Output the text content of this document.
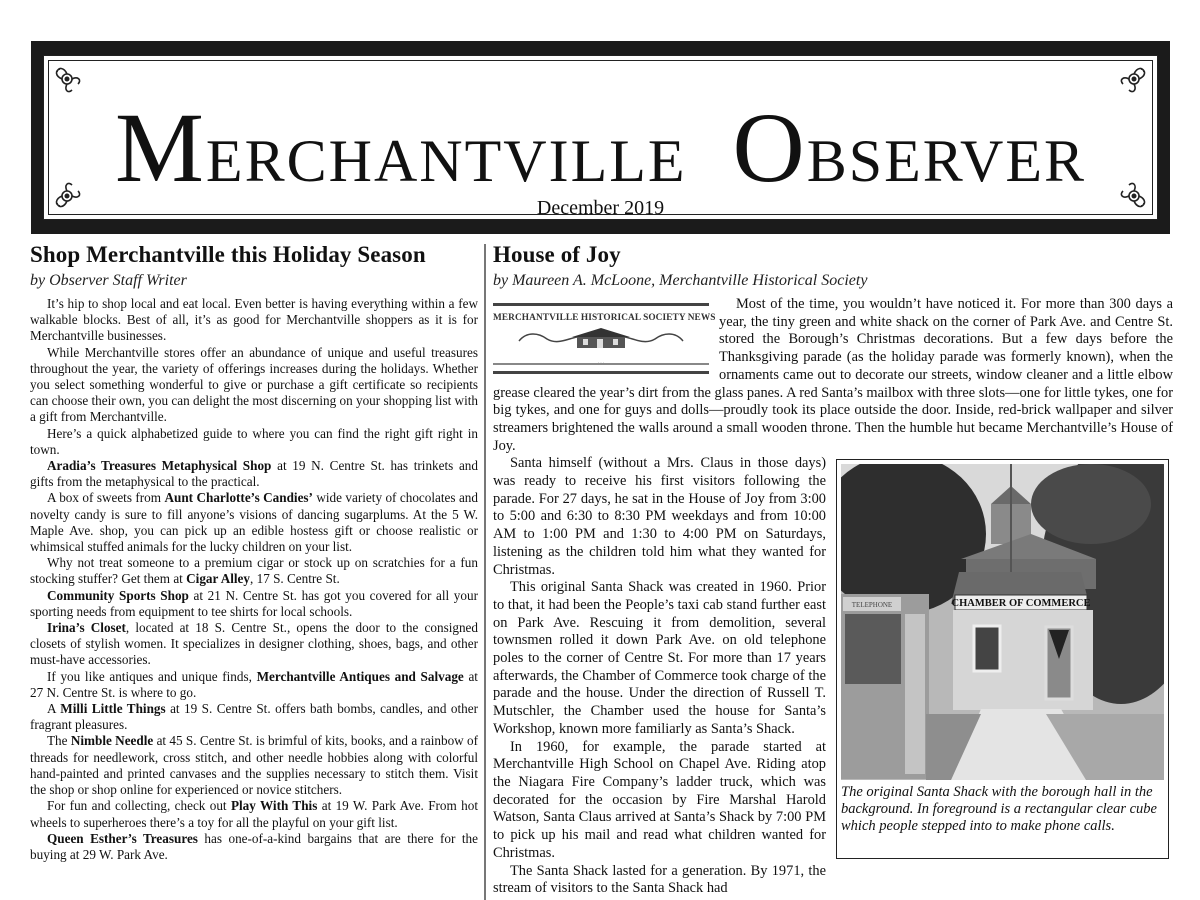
MERCHANTVILLE OBSERVER
December 2019
Shop Merchantville this Holiday Season
by Observer Staff Writer

It’s hip to shop local and eat local. Even better is having everything within a few walkable blocks. Best of all, it’s as good for Merchantville shoppers as it is for Merchantville businesses.

While Merchantville stores offer an abundance of unique and useful treasures throughout the year, the variety of offerings increases during the holidays. Whether you select something wonderful to give or purchase a gift certificate so recipients can choose their own, you can delight the most discerning on your shopping list with a gift from Merchantville.

Here’s a quick alphabetized guide to where you can find the right gift right in town.

Aradia’s Treasures Metaphysical Shop at 19 N. Centre St. has trinkets and gifts from the metaphysical to the practical.

A box of sweets from Aunt Charlotte’s Candies’ wide variety of chocolates and novelty candy is sure to fill anyone’s visions of dancing sugarplums. At the 5 W. Maple Ave. shop, you can pick up an edible hostess gift or choose realistic or whimsical stuffed animals for the lucky children on your list.

Why not treat someone to a premium cigar or stock up on scratchies for a fun stocking stuffer? Get them at Cigar Alley, 17 S. Centre St.

Community Sports Shop at 21 N. Centre St. has got you covered for all your sporting needs from equipment to tee shirts for local schools.

Irina’s Closet, located at 18 S. Centre St., opens the door to the consigned closets of stylish women. It specializes in designer clothing, shoes, bags, and other must-have accessories.

If you like antiques and unique finds, Merchantville Antiques and Salvage at 27 N. Centre St. is where to go.

A Milli Little Things at 19 S. Centre St. offers bath bombs, candles, and other fragrant pleasures.

The Nimble Needle at 45 S. Centre St. is brimful of kits, books, and a rainbow of threads for needlework, cross stitch, and other needle hobbies along with colorful hand-painted and printed canvases and the supplies necessary to stitch them. Visit the shop or shop online for experienced or novice stitchers.

For fun and collecting, check out Play With This at 19 W. Park Ave. From hot wheels to superheroes there’s a toy for all the playful on your gift list.

Queen Esther’s Treasures has one-of-a-kind bargains that are there for the buying at 29 W. Park Ave.

House of Joy
by Maureen A. McLoone, Merchantville Historical Society
MERCHANTVILLE HISTORICAL SOCIETY NEWS

Most of the time, you wouldn’t have noticed it. For more than 300 days a year, the tiny green and white shack on the corner of Park Ave. and Centre St. stored the Borough’s Christmas decorations. But a few days before the Thanksgiving parade (as the holiday parade was formerly known), when the ornaments came out to decorate our streets, window cleaner and a little elbow grease cleared the year’s dirt from the glass panes. A red Santa’s mailbox with three slots—one for little tykes, one for big tykes, and one for guys and dolls—proudly took its place outside the door. Inside, red-brick wallpaper and silver streamers brightened the walls around a small wooden throne. Then the humble hut became Merchantville’s House of Joy.

CHAMBER OF COMMERCE
TELEPHONE
The original Santa Shack with the borough hall in the background. In foreground is a rectangular clear cube which people stepped into to make phone calls.

Santa himself (without a Mrs. Claus in those days) was ready to receive his first visitors following the parade. For 27 days, he sat in the House of Joy from 3:00 to 5:00 and 6:30 to 8:30 PM weekdays and from 10:00 AM to 1:00 PM and 1:30 to 4:00 PM on Saturdays, listening as the children told him what they wanted for Christmas.

This original Santa Shack was created in 1960. Prior to that, it had been the People’s taxi cab stand further east on Park Ave. Rescuing it from demolition, several townsmen rolled it down Park Ave. on old telephone poles to the corner of Centre St. For more than 17 years afterwards, the Chamber of Commerce took charge of the parade and the house. Under the direction of Russell T. Mutschler, the Chamber used the house for Santa’s Workshop, known more familiarly as Santa’s Shack.

In 1960, for example, the parade started at Merchantville High School on Chapel Ave. Riding atop the Niagara Fire Company’s ladder truck, which was decorated for the occasion by Fire Marshal Harold Watson, Santa Claus arrived at Santa’s Shack by 7:00 PM to pick up his mail and read what children wanted for Christmas.

The Santa Shack lasted for a generation. By 1971, the stream of visitors to the Santa Shack had
